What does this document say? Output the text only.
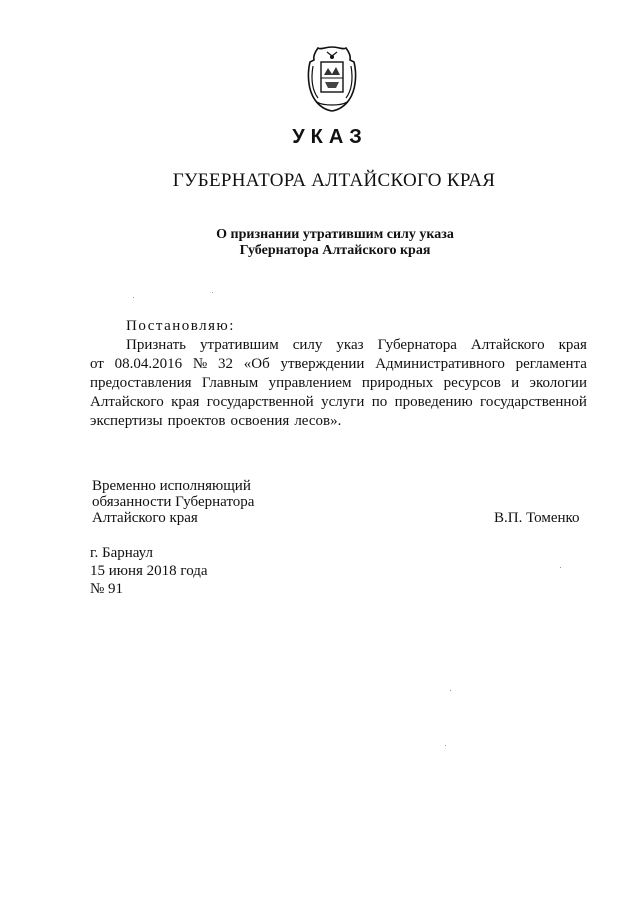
УКАЗ
ГУБЕРНАТОРА АЛТАЙСКОГО КРАЯ
О признании утратившим силу указа
Губернатора Алтайского края
Постановляю:
Признать утратившим силу указ Губернатора Алтайского края
от 08.04.2016 № 32 «Об утверждении Административного регламента
предоставления Главным управлением природных ресурсов и экологии
Алтайского края государственной услуги по проведению государственной
экспертизы проектов освоения лесов».
Временно исполняющий
обязанности Губернатора
Алтайского края	В.П. Томенко
г. Барнаул
15 июня 2018 года
№ 91
